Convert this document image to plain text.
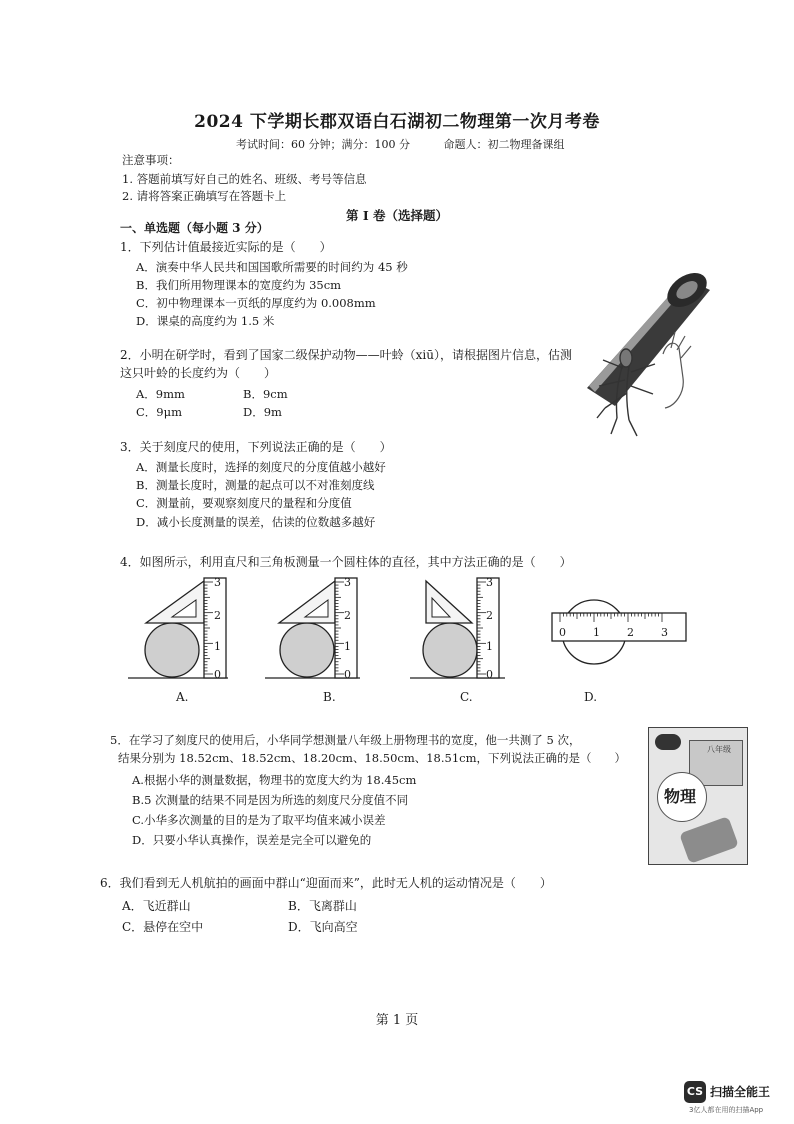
2024 下学期长郡双语白石湖初二物理第一次月考卷
考试时间：60 分钟；满分：100 分	命题人：初二物理备课组
注意事项：
1. 答题前填写好自己的姓名、班级、考号等信息
2. 请将答案正确填写在答题卡上
第 I 卷（选择题）
一、单选题（每小题 3 分）
1．下列估计值最接近实际的是（　　）
A．演奏中华人民共和国国歌所需要的时间约为 45 秒
B．我们所用物理课本的宽度约为 35cm
C．初中物理课本一页纸的厚度约为 0.008mm
D．课桌的高度约为 1.5 米
2．小明在研学时，看到了国家二级保护动物——叶蛉（xiū），请根据图片信息，估测
这只叶蛉的长度约为（　　）
A．9mm	B．9cm
C．9μm	D．9m
3．关于刻度尺的使用，下列说法正确的是（　　）
A．测量长度时，选择的刻度尺的分度值越小越好
B．测量长度时，测量的起点可以不对准刻度线
C．测量前，要观察刻度尺的量程和分度值
D．减小长度测量的误差，估读的位数越多越好
4．如图所示，利用直尺和三角板测量一个圆柱体的直径，其中方法正确的是（　　）
3
2
1
0
A.
3
2
1
0
B.
3
2
1
0
C.
0 1 2 3
D.
5．在学习了刻度尺的使用后，小华同学想测量八年级上册物理书的宽度，他一共测了 5 次，
结果分别为 18.52cm、18.52cm、18.20cm、18.50cm、18.51cm，下列说法正确的是（　　）
A.根据小华的测量数据，物理书的宽度大约为 18.45cm
B.5 次测量的结果不同是因为所选的刻度尺分度值不同
C.小华多次测量的目的是为了取平均值来减小误差
D．只要小华认真操作，误差是完全可以避免的
八年级
物理
6．我们看到无人机航拍的画面中群山“迎面而来”，此时无人机的运动情况是（　　）
A．飞近群山	B．飞离群山
C．悬停在空中	D．飞向高空
第 1 页
CS 扫描全能王
3亿人都在用的扫描App
